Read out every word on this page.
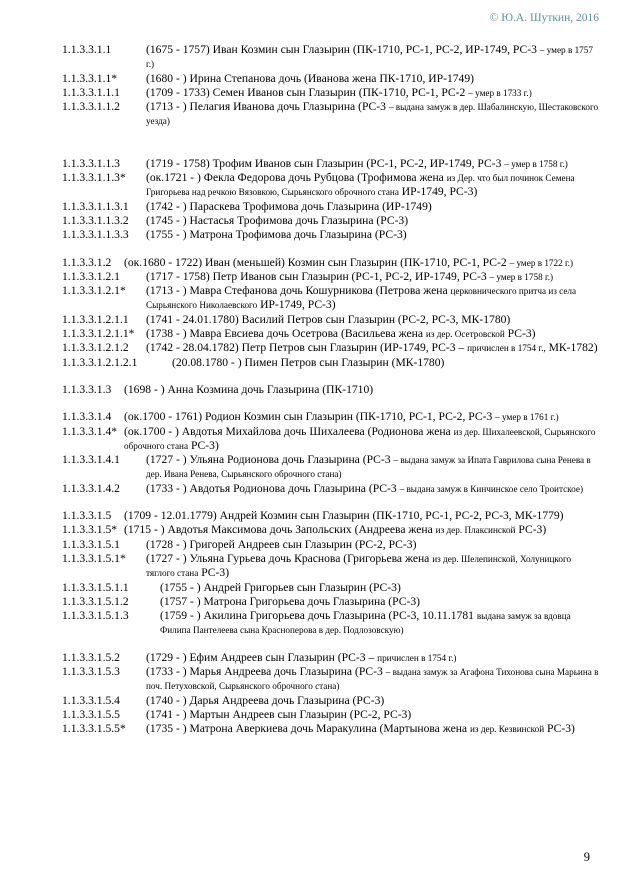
© Ю.А. Шуткин, 2016
1.1.3.3.1.1	(1675 - 1757) Иван Козмин сын Глазырин (ПК-1710, РС-1, РС-2, ИР-1749, РС-3 – умер в 1757 г.)
1.1.3.3.1.1*	(1680 - ) Ирина Степанова дочь (Иванова жена ПК-1710, ИР-1749)
1.1.3.3.1.1.1	(1709 - 1733) Семен Иванов сын Глазырин (ПК-1710, РС-1, РС-2 – умер в 1733 г.)
1.1.3.3.1.1.2	(1713 - ) Пелагия Иванова дочь Глазырина (РС-3 – выдана замуж в дер. Шабалинскую, Шестаковского уезда)
1.1.3.3.1.1.3	(1719 - 1758) Трофим Иванов сын Глазырин (РС-1, РС-2, ИР-1749, РС-3 – умер в 1758 г.)
1.1.3.3.1.1.3*	(ок.1721 - ) Фекла Федорова дочь Рубцова (Трофимова жена из Дер. что был починок Семена Григорьева над речкою Вязовкою, Сырьянского оброчного стана ИР-1749, РС-3)
1.1.3.3.1.1.3.1	(1742 - ) Параскева Трофимова дочь Глазырина (ИР-1749)
1.1.3.3.1.1.3.2	(1745 - ) Настасья Трофимова дочь Глазырина (РС-3)
1.1.3.3.1.1.3.3	(1755 - ) Матрона Трофимова дочь Глазырина (РС-3)
1.1.3.3.1.2	(ок.1680 - 1722) Иван (меньшей) Козмин сын Глазырин (ПК-1710, РС-1, РС-2 – умер в 1722 г.)
1.1.3.3.1.2.1	(1717 - 1758) Петр Иванов сын Глазырин (РС-1, РС-2, ИР-1749, РС-3 – умер в 1758 г.)
1.1.3.3.1.2.1*	(1713 - ) Мавра Стефанова дочь Кошурникова (Петрова жена церковнического притча из села Сырьянского Николаевского ИР-1749, РС-3)
1.1.3.3.1.2.1.1	(1741 - 24.01.1780) Василий Петров сын Глазырин (РС-2, РС-3, МК-1780)
1.1.3.3.1.2.1.1* (1738 - ) Мавра Евсиева дочь Осетрова (Васильева жена из дер. Осетровской РС-3)
1.1.3.3.1.2.1.2	(1742 - 28.04.1782) Петр Петров сын Глазырин (ИР-1749, РС-3 – причислен в 1754 г., МК-1782)
1.1.3.3.1.2.1.2.1	(20.08.1780 - ) Пимен Петров сын Глазырин (МК-1780)
1.1.3.3.1.3	(1698 - ) Анна Козмина дочь Глазырина (ПК-1710)
1.1.3.3.1.4	(ок.1700 - 1761) Родион Козмин сын Глазырин (ПК-1710, РС-1, РС-2, РС-3 – умер в 1761 г.)
1.1.3.3.1.4* (ок.1700 - ) Авдотья Михайлова дочь Шихалеева (Родионова жена из дер. Шихалеевской, Сырьянского оброчного стана РС-3)
1.1.3.3.1.4.1	(1727 - ) Ульяна Родионова дочь Глазырина (РС-3 – выдана замуж за Ипата Гаврилова сына Ренева в дер. Ивана Ренева, Сырьянского оброчного стана)
1.1.3.3.1.4.2	(1733 - ) Авдотья Родионова дочь Глазырина (РС-3 – выдана замуж в Кинчинское село Троитское)
1.1.3.3.1.5	(1709 - 12.01.1779) Андрей Козмин сын Глазырин (ПК-1710, РС-1, РС-2, РС-3, МК-1779)
1.1.3.3.1.5* (1715 - ) Авдотья Максимова дочь Запольских (Андреева жена из дер. Плаксинской РС-3)
1.1.3.3.1.5.1	(1728 - ) Григорей Андреев сын Глазырин (РС-2, РС-3)
1.1.3.3.1.5.1*	(1727 - ) Ульяна Гурьева дочь Краснова (Григорьева жена из дер. Шелепинской, Холуницкого тяглого стана РС-3)
1.1.3.3.1.5.1.1	(1755 - ) Андрей Григорьев сын Глазырин (РС-3)
1.1.3.3.1.5.1.2	(1757 - ) Матрона Григорьева дочь Глазырина (РС-3)
1.1.3.3.1.5.1.3	(1759 - ) Акилина Григорьева дочь Глазырина (РС-3, 10.11.1781 выдана замуж за вдовца Филипа Пантелеева сына Красноперова в дер. Подлозовскую)
1.1.3.3.1.5.2	(1729 - ) Ефим Андреев сын Глазырин (РС-3 – причислен в 1754 г.)
1.1.3.3.1.5.3	(1733 - ) Марья Андреева дочь Глазырина (РС-3 – выдана замуж за Агафона Тихонова сына Марьина в поч. Петуховской, Сырьянского оброчного стана)
1.1.3.3.1.5.4	(1740 - ) Дарья Андреева дочь Глазырина (РС-3)
1.1.3.3.1.5.5	(1741 - ) Мартын Андреев сын Глазырин (РС-2, РС-3)
1.1.3.3.1.5.5*	(1735 - ) Матрона Аверкиева дочь Маракулина (Мартынова жена из дер. Кезвинской РС-3)
9
